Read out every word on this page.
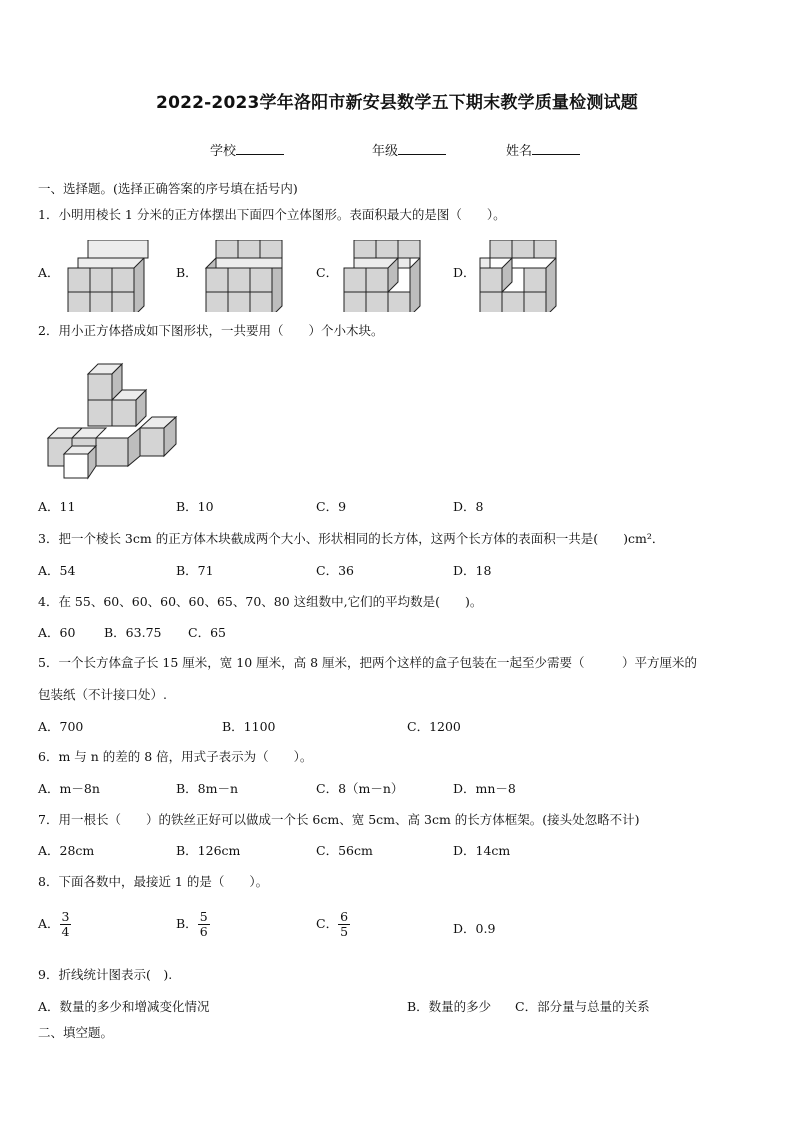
2022-2023学年洛阳市新安县数学五下期末教学质量检测试题
学校	年级	姓名
一、选择题。(选择正确答案的序号填在括号内)
1．小明用棱长 1 分米的正方体摆出下面四个立体图形。表面积最大的是图（　　）。
A．	B．	C．	D．
2．用小正方体搭成如下图形状，一共要用（　　）个小木块。
A．11	B．10	C．9	D．8
3．把一个棱长 3cm 的正方体木块截成两个大小、形状相同的长方体，这两个长方体的表面积一共是(　　)cm²．
A．54	B．71	C．36	D．18
4．在 55、60、60、60、60、65、70、80 这组数中,它们的平均数是(　　)。
A．60 B．63.75 C．65
5．一个长方体盒子长 15 厘米，宽 10 厘米，高 8 厘米，把两个这样的盒子包装在一起至少需要（　　　）平方厘米的
包装纸（不计接口处）.
A．700	B．1100	C．1200
6．m 与 n 的差的 8 倍，用式子表示为（　　）。
A．m－8n	B．8m－n	C．8（m－n）	D．mn－8
7．用一根长（　　）的铁丝正好可以做成一个长 6cm、宽 5cm、高 3cm 的长方体框架。(接头处忽略不计)
A．28cm	B．126cm	C．56cm	D．14cm
8．下面各数中，最接近 1 的是（　　）。
A． $\frac{3}{4}$	B． $\frac{5}{6}$	C． $\frac{6}{5}$	D．0.9
9．折线统计图表示(　).
A．数量的多少和增减变化情况	B．数量的多少 C．部分量与总量的关系
二、填空题。
